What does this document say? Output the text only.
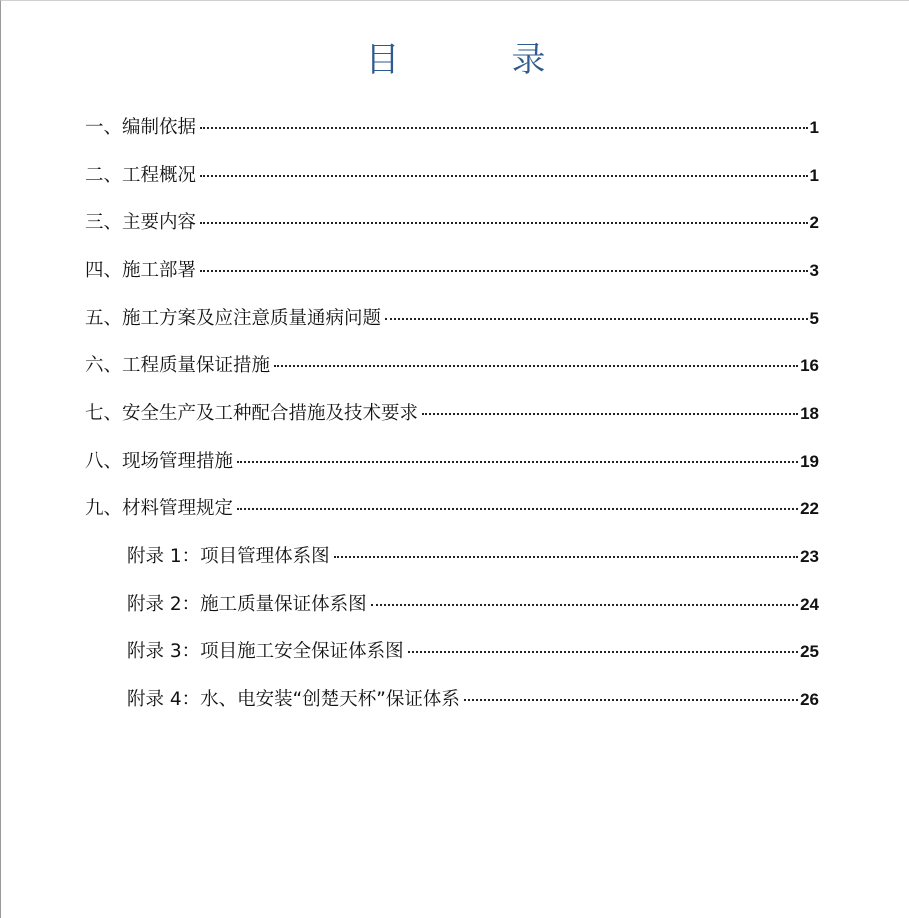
目	录
一、编制依据	1
二、工程概况	1
三、主要内容	2
四、施工部署	3
五、施工方案及应注意质量通病问题	5
六、工程质量保证措施	16
七、安全生产及工种配合措施及技术要求	18
八、现场管理措施	19
九、材料管理规定	22
附录 1：项目管理体系图	23
附录 2：施工质量保证体系图	24
附录 3：项目施工安全保证体系图	25
附录 4：水、电安装“创楚天杯”保证体系	26
